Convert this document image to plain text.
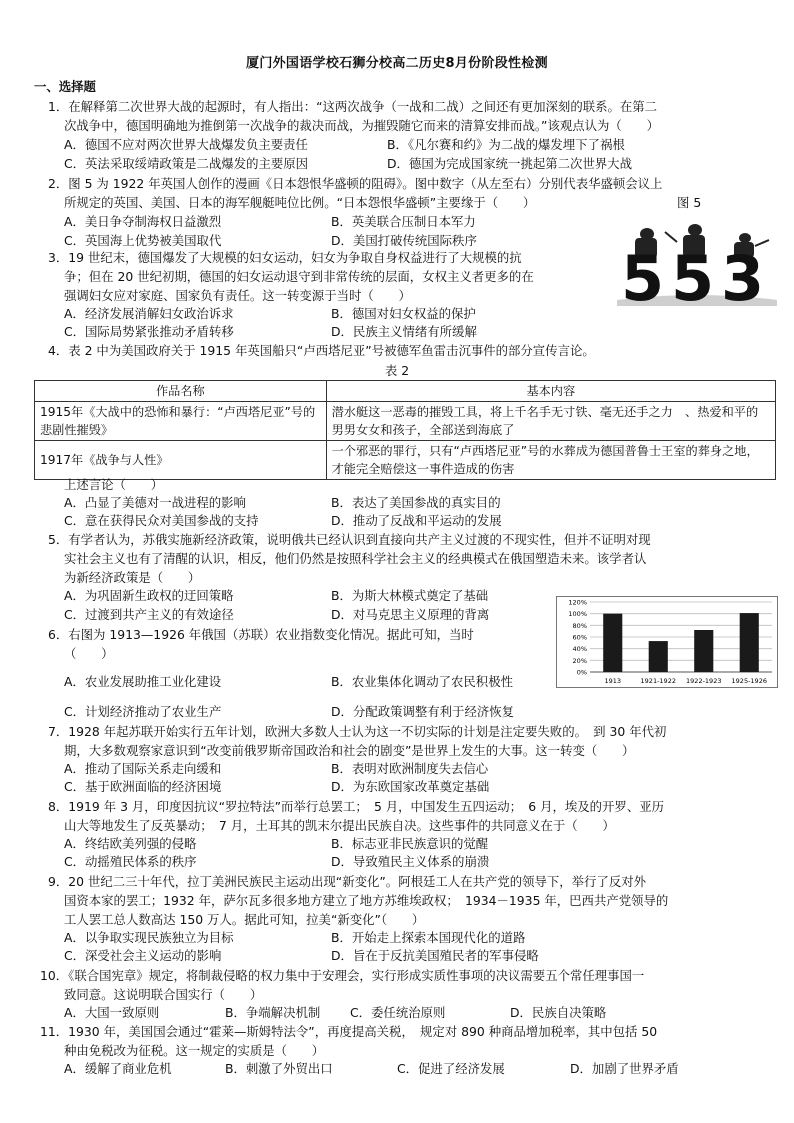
厦门外国语学校石狮分校高二历史8月份阶段性检测
一、选择题
1．在解释第二次世界大战的起源时，有人指出：“这两次战争（一战和二战）之间还有更加深刻的联系。在第二
次战争中，德国明确地为推倒第一次战争的裁决而战，为摧毁随它而来的清算安排而战。”该观点认为（　　）
A．德国不应对两次世界大战爆发负主要责任	B．《凡尔赛和约》为二战的爆发埋下了祸根
C．英法采取绥靖政策是二战爆发的主要原因	D．德国为完成国家统一挑起第二次世界大战
2．图 5 为 1922 年英国人创作的漫画《日本怨恨华盛顿的阻碍》。图中数字（从左至右）分别代表华盛顿会议上
所规定的英国、美国、日本的海军舰艇吨位比例。“日本怨恨华盛顿”主要缘于（　　）	图 5
A．美日争夺制海权日益激烈	B．英美联合压制日本军力
C．英国海上优势被美国取代	D．美国打破传统国际秩序
5 5 3
3．19 世纪末，德国爆发了大规模的妇女运动，妇女为争取自身权益进行了大规模的抗
争；但在 20 世纪初期，德国的妇女运动退守到非常传统的层面，女权主义者更多的在
强调妇女应对家庭、国家负有责任。这一转变源于当时（　　）
A．经济发展消解妇女政治诉求	B．德国对妇女权益的保护
C．国际局势紧张推动矛盾转移	D．民族主义情绪有所缓解
4．表 2 中为美国政府关于 1915 年英国船只“卢西塔尼亚”号被德军鱼雷击沉事件的部分宣传言论。
表 2
作品名称	基本内容
1915年《大战中的恐怖和暴行：“卢西塔尼亚”号的悲剧性摧毁》	潜水艇这一恶毒的摧毁工具，将上千名手无寸铁、毫无还手之力　、热爱和平的男男女女和孩子，全部送到海底了
1917年《战争与人性》	一个邪恶的罪行，只有“卢西塔尼亚”号的水葬成为德国普鲁士王室的葬身之地，才能完全赔偿这一事件造成的伤害
上述言论（　　）
A．凸显了美德对一战进程的影响	B．表达了美国参战的真实目的
C．意在获得民众对美国参战的支持	D．推动了反战和平运动的发展
5．有学者认为，苏俄实施新经济政策，说明俄共已经认识到直接向共产主义过渡的不现实性，但并不证明对现
实社会主义也有了清醒的认识，相反，他们仍然是按照科学社会主义的经典模式在俄国塑造未来。该学者认
为新经济政策是（　　）
A．为巩固新生政权的迂回策略	B．为斯大林模式奠定了基础
C．过渡到共产主义的有效途径	D．对马克思主义原理的背离
6．右图为 1913—1926 年俄国（苏联）农业指数变化情况。据此可知，当时
（　　）
A．农业发展助推工业化建设	B．农业集体化调动了农民积极性
C．计划经济推动了农业生产	D．分配政策调整有利于经济恢复
0%
20%
40%
60%
80%
100%
120%
1913	1921-1922 1922-1923 1925-1926
7．1928 年起苏联开始实行五年计划，欧洲大多数人士认为这一不切实际的计划是注定要失败的。　到 30 年代初
期，大多数观察家意识到“改变前俄罗斯帝国政治和社会的剧变”是世界上发生的大事。这一转变（　　）
A．推动了国际关系走向缓和	B．表明对欧洲制度失去信心
C．基于欧洲面临的经济困境	D．为东欧国家改革奠定基础
8．1919 年 3 月，印度因抗议“罗拉特法”而举行总罢工；　5 月，中国发生五四运动；　6 月，埃及的开罗、亚历
山大等地发生了反英暴动；　7 月，土耳其的凯末尔提出民族自决。这些事件的共同意义在于（　　）
A．终结欧美列强的侵略	B．标志亚非民族意识的觉醒
C．动摇殖民体系的秩序	D．导致殖民主义体系的崩溃
9．20 世纪二三十年代，拉丁美洲民族民主运动出现“新变化”。阿根廷工人在共产党的领导下，举行了反对外
国资本家的罢工；1932 年，萨尔瓦多很多地方建立了地方苏维埃政权；　1934－1935 年，巴西共产党领导的
工人罢工总人数高达 150 万人。据此可知，拉美“新变化”（　　）
A．以争取实现民族独立为目标	B．开始走上探索本国现代化的道路
C．深受社会主义运动的影响	D．旨在于反抗美国殖民者的军事侵略
10．《联合国宪章》规定，将制裁侵略的权力集中于安理会，实行形成实质性事项的决议需要五个常任理事国一
致同意。这说明联合国实行（　　）
A．大国一致原则	B．争端解决机制 C．委任统治原则	D．民族自决策略
11．1930 年，美国国会通过“霍莱—斯姆特法令”，再度提高关税，　规定对 890 种商品增加税率，其中包括 50
种由免税改为征税。这一规定的实质是（　　）
A．缓解了商业危机	B．刺激了外贸出口	C．促进了经济发展	D．加剧了世界矛盾
